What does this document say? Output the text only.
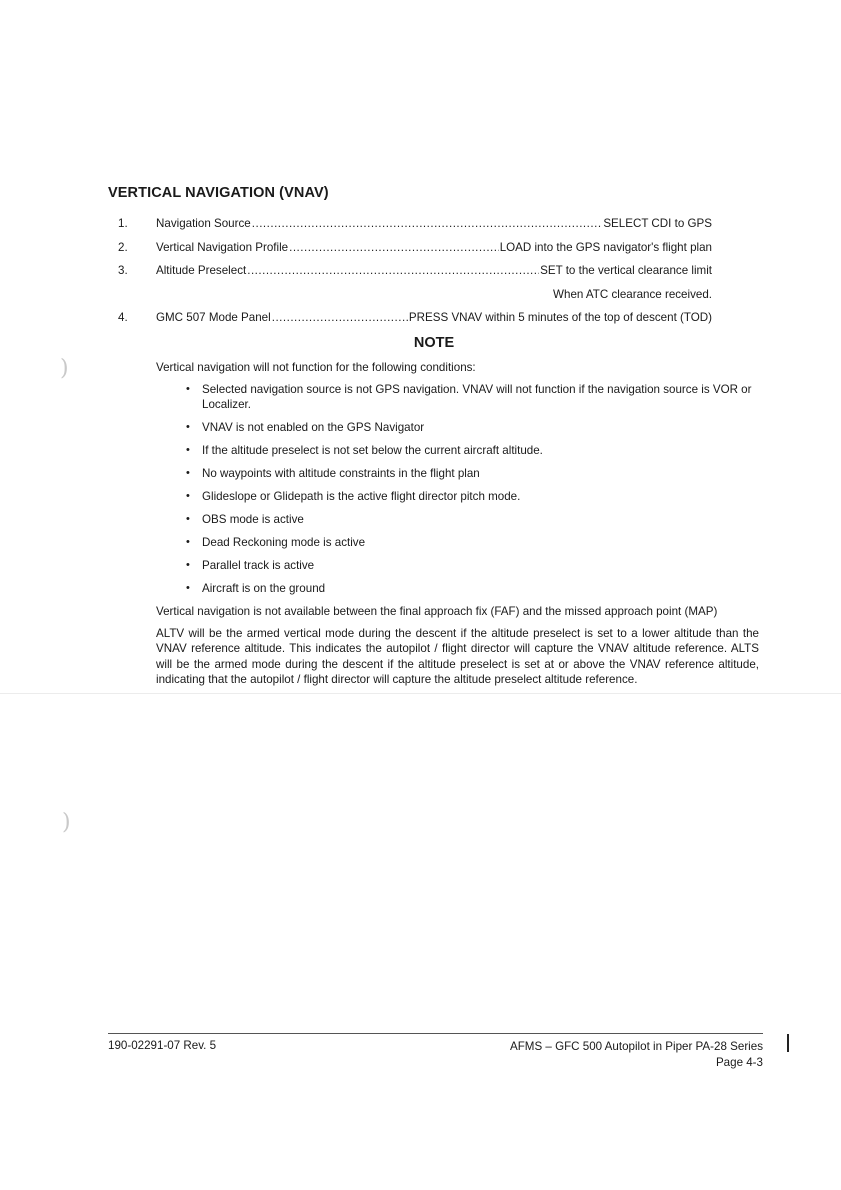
)
)
VERTICAL NAVIGATION (VNAV)
1.	Navigation Source .....	SELECT CDI to GPS
2.	Vertical Navigation Profile .....	LOAD into the GPS navigator's flight plan
3.	Altitude Preselect .....	SET to the vertical clearance limit
When ATC clearance received.
4.	GMC 507 Mode Panel .....	PRESS VNAV within 5 minutes of the top of descent (TOD)
NOTE

Vertical navigation will not function for the following conditions:

• Selected navigation source is not GPS navigation. VNAV will not function if the navigation source is VOR or Localizer.
• VNAV is not enabled on the GPS Navigator
• If the altitude preselect is not set below the current aircraft altitude.
• No waypoints with altitude constraints in the flight plan
• Glideslope or Glidepath is the active flight director pitch mode.
• OBS mode is active
• Dead Reckoning mode is active
• Parallel track is active
• Aircraft is on the ground

Vertical navigation is not available between the final approach fix (FAF) and the missed approach point (MAP)

ALTV will be the armed vertical mode during the descent if the altitude preselect is set to a lower altitude than the VNAV reference altitude. This indicates the autopilot / flight director will capture the VNAV altitude reference. ALTS will be the armed mode during the descent if the altitude preselect is set at or above the VNAV reference altitude, indicating that the autopilot / flight director will capture the altitude preselect altitude reference.

190-02291-07 Rev. 5	AFMS – GFC 500 Autopilot in Piper PA-28 Series
Page 4-3
